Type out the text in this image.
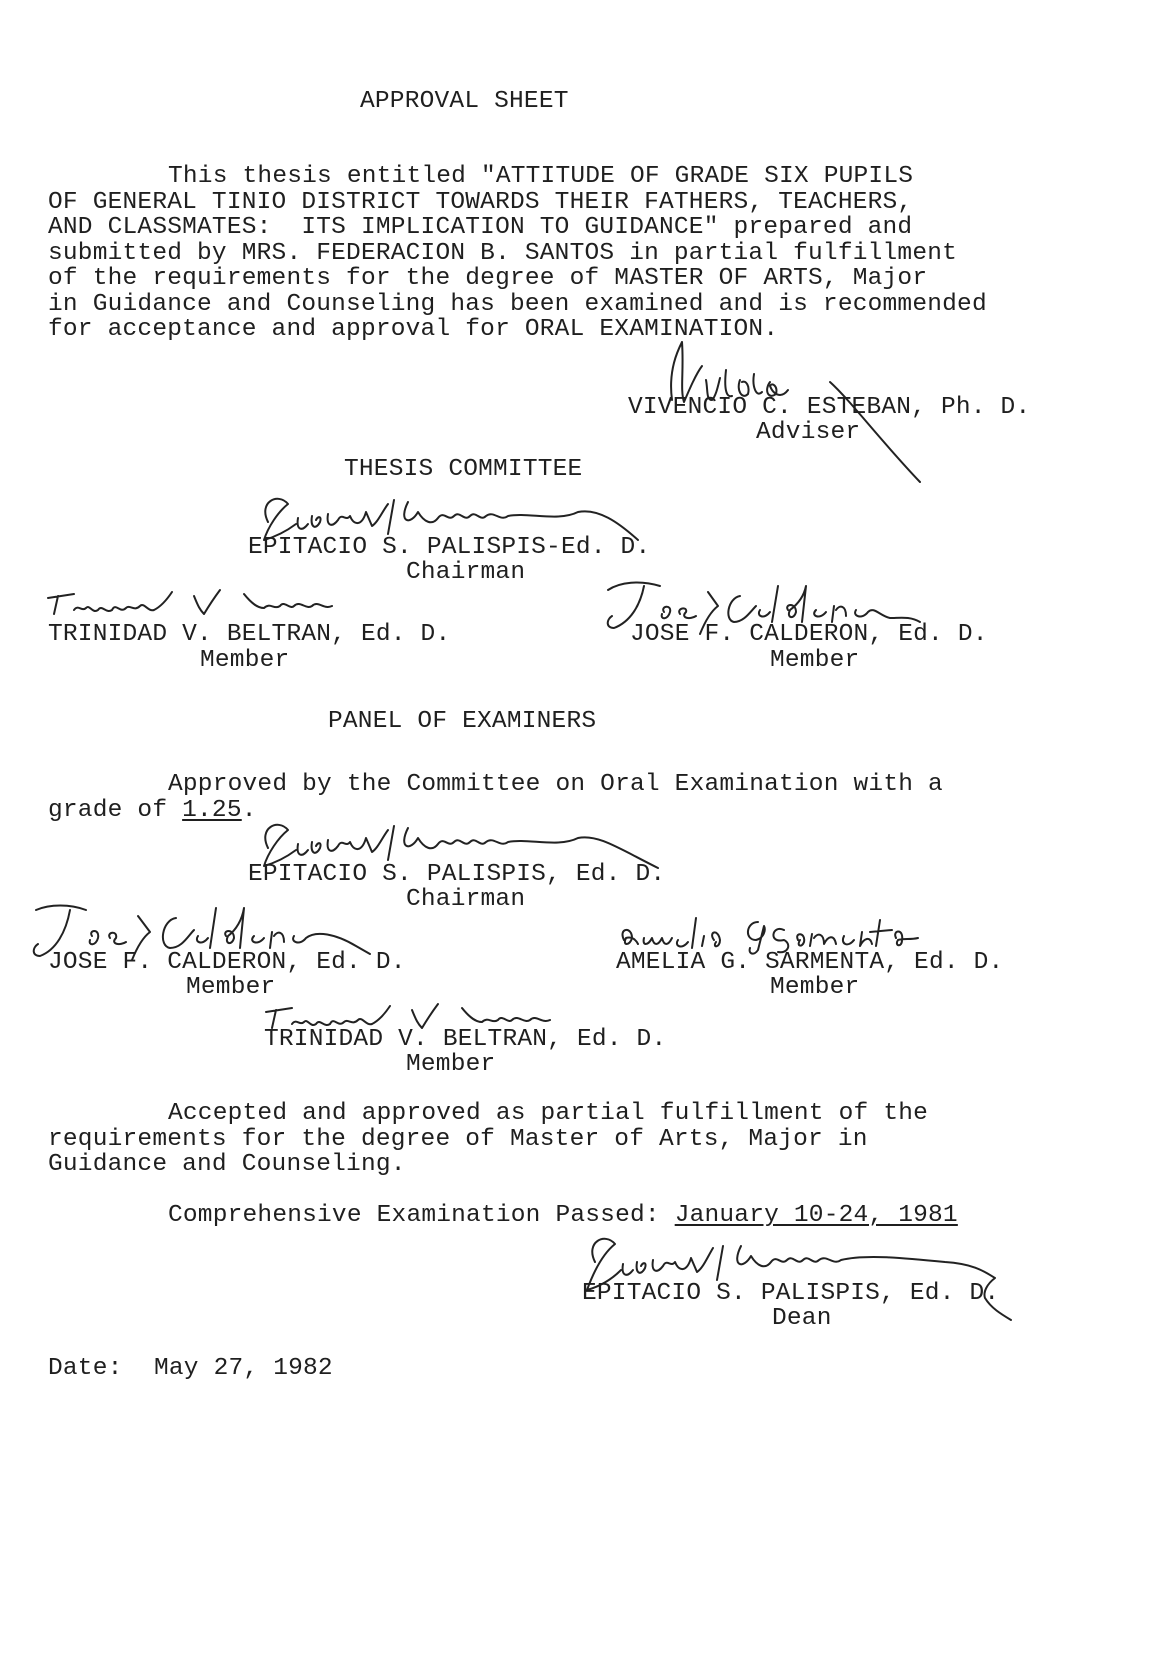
APPROVAL SHEET
This thesis entitled "ATTITUDE OF GRADE SIX PUPILS
OF GENERAL TINIO DISTRICT TOWARDS THEIR FATHERS, TEACHERS,
AND CLASSMATES:  ITS IMPLICATION TO GUIDANCE" prepared and
submitted by MRS. FEDERACION B. SANTOS in partial fulfillment
of the requirements for the degree of MASTER OF ARTS, Major
in Guidance and Counseling has been examined and is recommended
for acceptance and approval for ORAL EXAMINATION.
VIVENCIO C. ESTEBAN, Ph. D.
Adviser
THESIS COMMITTEE
EPITACIO S. PALISPIS-Ed. D.
Chairman
TRINIDAD V. BELTRAN, Ed. D.
Member
JOSE F. CALDERON, Ed. D.
Member
PANEL OF EXAMINERS
Approved by the Committee on Oral Examination with a
grade of 1.25.
EPITACIO S. PALISPIS, Ed. D.
Chairman
JOSE F. CALDERON, Ed. D.
Member
AMELIA G. SARMENTA, Ed. D.
Member
TRINIDAD V. BELTRAN, Ed. D.
Member
Accepted and approved as partial fulfillment of the
requirements for the degree of Master of Arts, Major in
Guidance and Counseling.
Comprehensive Examination Passed: January 10-24, 1981
EPITACIO S. PALISPIS, Ed. D.
Dean
Date: May 27, 1982
